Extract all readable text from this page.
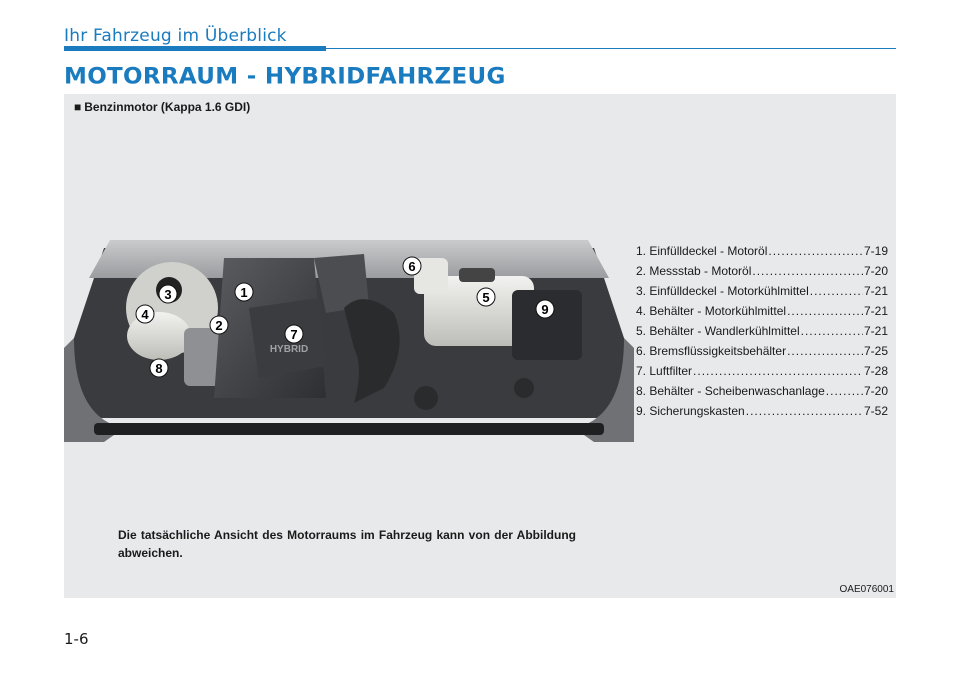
Ihr Fahrzeug im Überblick
MOTORRAUM - HYBRIDFAHRZEUG
■ Benzinmotor (Kappa 1.6 GDI)
HYBRID
1
2
3
4
5
6
7
8
9
1. Einfülldeckel - Motoröl .....	7-19
2. Messstab - Motoröl .....	7-20
3. Einfülldeckel - Motorkühlmittel .....	7-21
4. Behälter - Motorkühlmittel .....	7-21
5. Behälter - Wandlerkühlmittel .....	7-21
6. Bremsflüssigkeitsbehälter .....	7-25
7. Luftfilter .....	7-28
8. Behälter - Scheibenwaschanlage .....	7-20
9. Sicherungskasten .....	7-52
Die tatsächliche Ansicht des Motorraums im Fahrzeug kann von der Abbildung abweichen.
OAE076001
1-6
